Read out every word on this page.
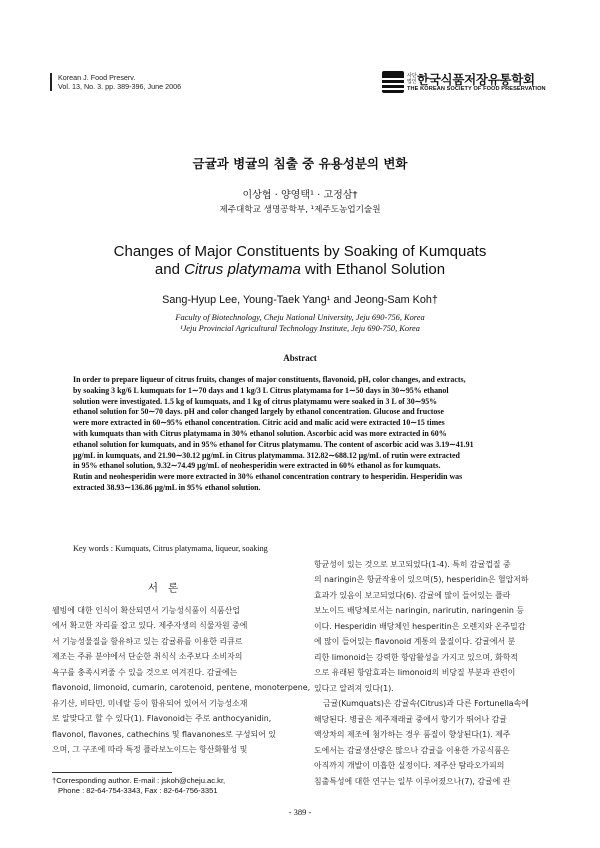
Korean J. Food Preserv.
Vol. 13, No. 3. pp. 389-396, June 2006
사단 법인 한국식품저장유통학회
THE KOREAN SOCIETY OF FOOD PRESERVATION
금귤과 병귤의 침출 중 유용성분의 변화
이상협 · 양영택¹ · 고정삼†
제주대학교 생명공학부, ¹제주도농업기술원
Changes of Major Constituents by Soaking of Kumquats
and Citrus platymama with Ethanol Solution
Sang-Hyup Lee, Young-Taek Yang¹ and Jeong-Sam Koh†
Faculty of Biotechnology, Cheju National University, Jeju 690-756, Korea
¹Jeju Provincial Agricultural Technology Institute, Jeju 690-750, Korea
Abstract
In order to prepare liqueur of citrus fruits, changes of major constituents, flavonoid, pH, color changes, and extracts,
by soaking 3 kg/6 L kumquats for 1∼70 days and 1 kg/3 L Citrus platymama for 1∼50 days in 30∼95% ethanol
solution were investigated. 1.5 kg of kumquats, and 1 kg of citrus platymamu were soaked in 3 L of 30∼95%
ethanol solution for 50∼70 days. pH and color changed largely by ethanol concentration. Glucose and fructose
were more extracted in 60∼95% ethanol concentration. Citric acid and malic acid were extracted 10∼15 times
with kumquats than with Citrus platymama in 30% ethanol solution. Ascorbic acid was more extracted in 60%
ethanol solution for kumquats, and in 95% ethanol for Citrus platymamu. The content of ascorbic acid was 3.19∼41.91
μg/mL in kumquats, and 21.90∼30.12 μg/mL in Citrus platymamma. 312.82∼688.12 μg/mL of rutin were extracted
in 95% ethanol solution, 9.32∼74.49 μg/mL of neohesperidin were extracted in 60% ethanol as for kumquats.
Rutin and neohesperidin were more extracted in 30% ethanol concentration contrary to hesperidin. Hesperidin was
extracted 38.93∼136.86 μg/mL in 95% ethanol solution.
Key words : Kumquats, Citrus platymama, liqueur, soaking
서론
웰빙에 대한 인식이 확산되면서 기능성식품이 식품산업
에서 확고한 자리를 잡고 있다. 제주자생의 식물자원 중에
서 기능성물질을 함유하고 있는 감귤류를 이용한 리큐르
제조는 주류 분야에서 단순한 취식식 소주보다 소비자의
욕구를 충족시켜줄 수 있을 것으로 여겨진다. 감귤에는
flavonoid, limonoid, cumarin, carotenoid, pentene, monoterpene,
유기산, 비타민, 미네랄 등이 함유되어 있어서 기능성소재
로 알맞다고 할 수 있다(1). Flavonoid는 주로 anthocyanidin,
flavonol, flavones, cathechins 및 flavanones로 구성되어 있
으며, 그 구조에 따라 특정 플라보노이드는 항산화활성 및
항균성이 있는 것으로 보고되었다(1-4). 특히 감귤껍질 중
의 naringin은 항균작용이 있으며(5), hesperidin은 혈압저하
효과가 있음이 보고되었다(6). 감귤에 많이 들어있는 플라
보노이드 배당체로서는 naringin, narirutin, naringenin 등
이다. Hesperidin 배당체인 hesperitin은 오렌지와 온주밀감
에 많이 들어있는 flavonoid 계통의 물질이다. 감귤에서 분
리한 limonoid는 강력한 항암활성을 가지고 있으며, 화학적
으로 유래된 항암효과는 limonoid의 비당질 부분과 관련이
있다고 알려져 있다(1).
금귤(Kumquats)은 감귤속(Citrus)과 다른 Fortunella속에
해당된다. 병귤은 제주재래귤 중에서 향기가 뛰어나 감귤
액상차의 제조에 첨가하는 경우 품질이 향상된다(1). 제주
도에서는 감귤생산량은 많으나 감귤을 이용한 가공식품은
아직까지 개발이 미흡한 실정이다. 제주산 탐라오가피의
침출특성에 대한 연구는 일부 이루어졌으나(7), 감귤에 관
†Corresponding author. E-mail : jskoh@cheju.ac.kr,
Phone : 82-64-754-3343, Fax : 82-64-756-3351
- 389 -
